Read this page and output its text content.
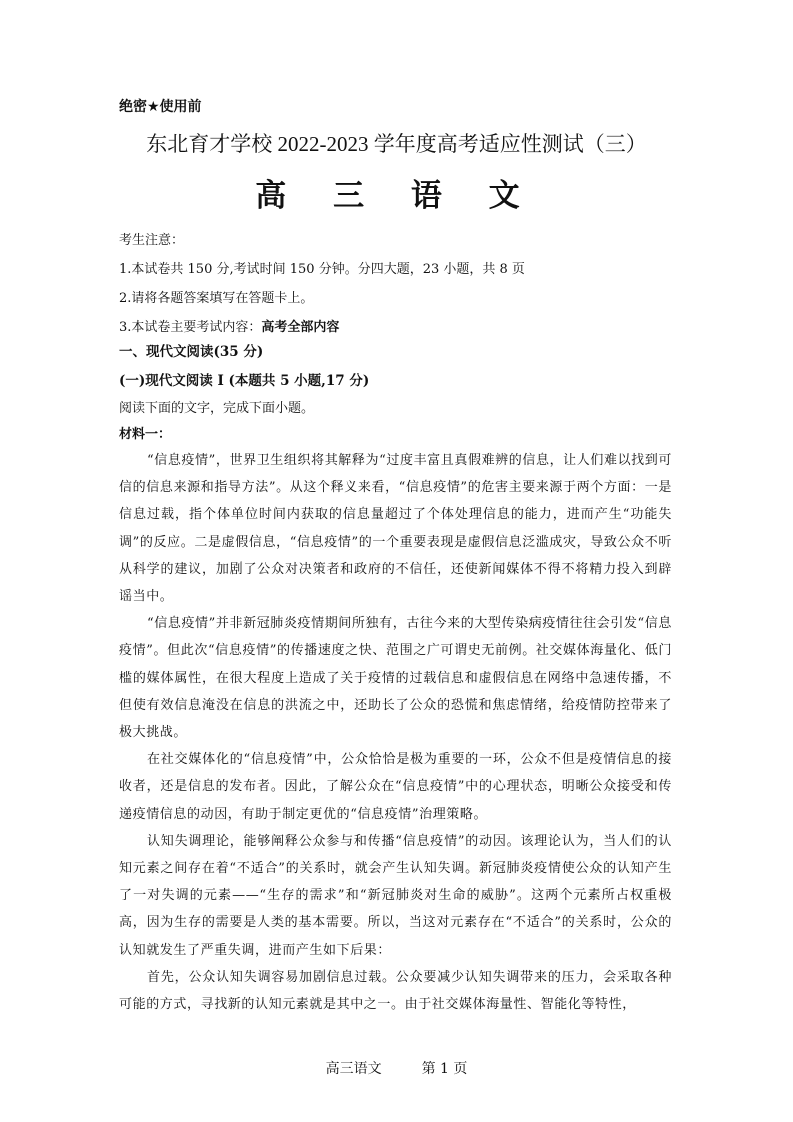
绝密★使用前
东北育才学校 2022-2023 学年度高考适应性测试（三）
高 三 语 文
考生注意：
1.本试卷共 150 分,考试时间 150 分钟。分四大题，23 小题，共 8 页
2.请将各题答案填写在答题卡上。
3.本试卷主要考试内容：高考全部内容
一、现代文阅读(35 分)
(一)现代文阅读 I (本题共 5 小题,17 分)
阅读下面的文字，完成下面小题。
材料一：

“信息疫情”，世界卫生组织将其解释为“过度丰富且真假难辨的信息，让人们难以找到可信的信息来源和指导方法”。从这个释义来看，“信息疫情”的危害主要来源于两个方面：一是信息过载，指个体单位时间内获取的信息量超过了个体处理信息的能力，进而产生“功能失调”的反应。二是虚假信息，“信息疫情”的一个重要表现是虚假信息泛滥成灾，导致公众不听从科学的建议，加剧了公众对决策者和政府的不信任，还使新闻媒体不得不将精力投入到辟谣当中。

“信息疫情”并非新冠肺炎疫情期间所独有，古往今来的大型传染病疫情往往会引发“信息疫情”。但此次“信息疫情”的传播速度之快、范围之广可谓史无前例。社交媒体海量化、低门槛的媒体属性，在很大程度上造成了关于疫情的过载信息和虚假信息在网络中急速传播，不但使有效信息淹没在信息的洪流之中，还助长了公众的恐慌和焦虑情绪，给疫情防控带来了极大挑战。

在社交媒体化的“信息疫情”中，公众恰恰是极为重要的一环，公众不但是疫情信息的接收者，还是信息的发布者。因此，了解公众在“信息疫情”中的心理状态，明晰公众接受和传递疫情信息的动因，有助于制定更优的“信息疫情”治理策略。

认知失调理论，能够阐释公众参与和传播“信息疫情”的动因。该理论认为，当人们的认知元素之间存在着“不适合”的关系时，就会产生认知失调。新冠肺炎疫情使公众的认知产生了一对失调的元素——“生存的需求”和“新冠肺炎对生命的威胁”。这两个元素所占权重极高，因为生存的需要是人类的基本需要。所以，当这对元素存在“不适合”的关系时，公众的认知就发生了严重失调，进而产生如下后果：

首先，公众认知失调容易加剧信息过载。公众要减少认知失调带来的压力，会采取各种可能的方式，寻找新的认知元素就是其中之一。由于社交媒体海量性、智能化等特性，

高三语文	第 1 页
